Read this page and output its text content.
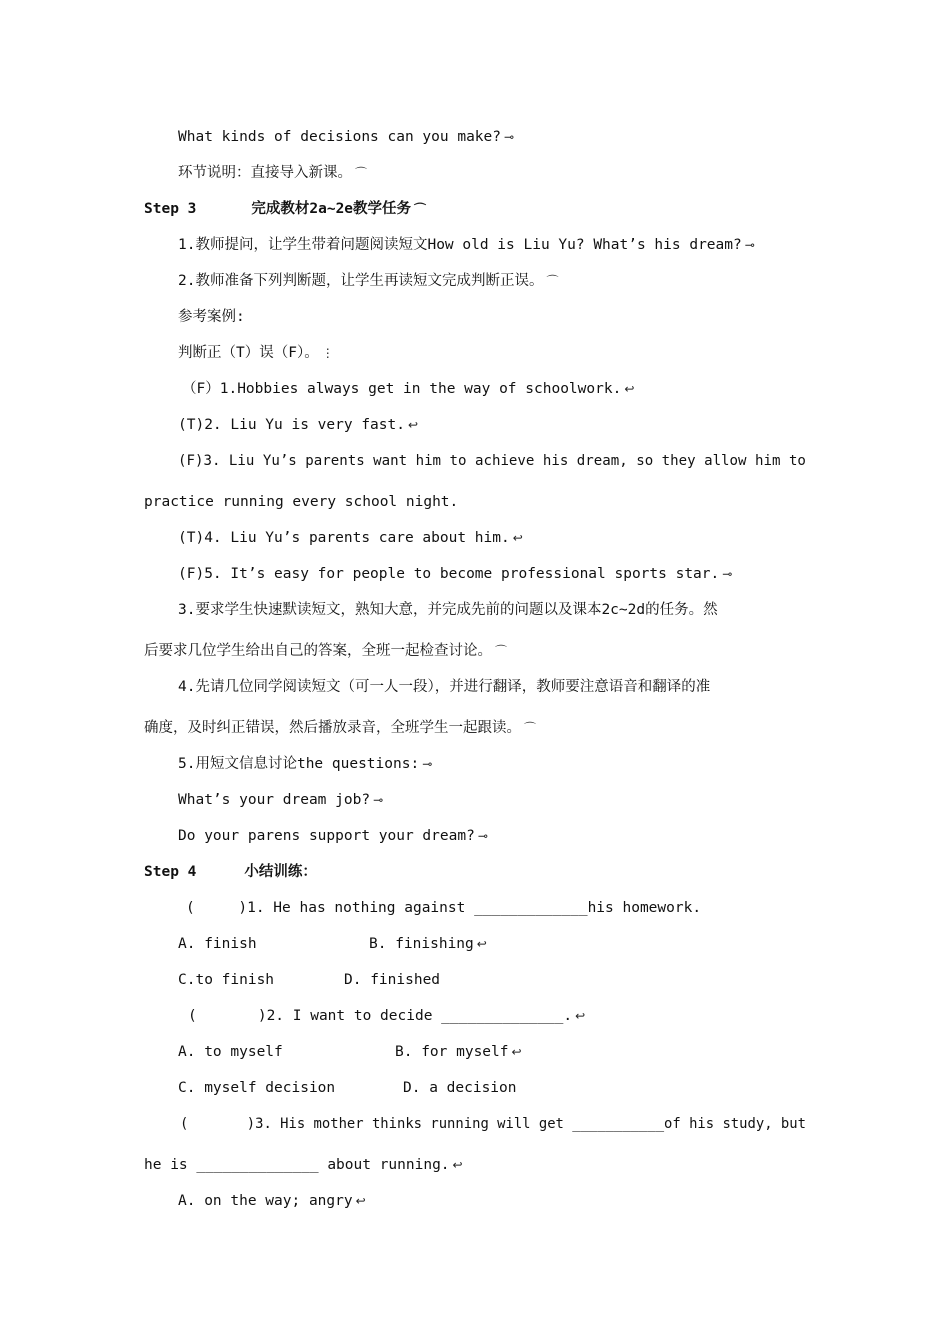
What kinds of decisions can you make? ⊸
环节说明：直接导入新课。 ⌒
Step 3	完成教材2a~2e教学任务 ⌒
1.教师提问，让学生带着问题阅读短文How old is Liu Yu? What’s his dream? ⊸
2.教师准备下列判断题，让学生再读短文完成判断正误。 ⌒
参考案例:
判断正（T）误（F）。 ⋮
（F）1.Hobbies always get in the way of schoolwork. ↩
(T)2. Liu Yu is very fast. ↩
(F)3. Liu Yu’s parents want him to achieve his dream, so they allow him to
practice running every school night.
(T)4. Liu Yu’s parents care about him. ↩
(F)5. It’s easy for people to become professional sports star. ⊸
3.要求学生快速默读短文，熟知大意，并完成先前的问题以及课本2c~2d的任务。然
后要求几位学生给出自己的答案，全班一起检查讨论。 ⌒
4.先请几位同学阅读短文（可一人一段），并进行翻译，教师要注意语音和翻译的准
确度，及时纠正错误，然后播放录音，全班学生一起跟读。 ⌒
5.用短文信息讨论the questions: ⊸
What’s your dream job? ⊸
Do your parens support your dream? ⊸
Step 4	小结训练：
(     )1. He has nothing against _____________his homework.
A. finish	B. finishing ↩
C.to finish	D. finished
(       )2. I want to decide ______________. ↩
A. to myself	B. for myself ↩
C. myself decision	D. a decision
(       )3. His mother thinks running will get ___________of his study, but
he is ______________ about running. ↩
A. on the way; angry ↩
